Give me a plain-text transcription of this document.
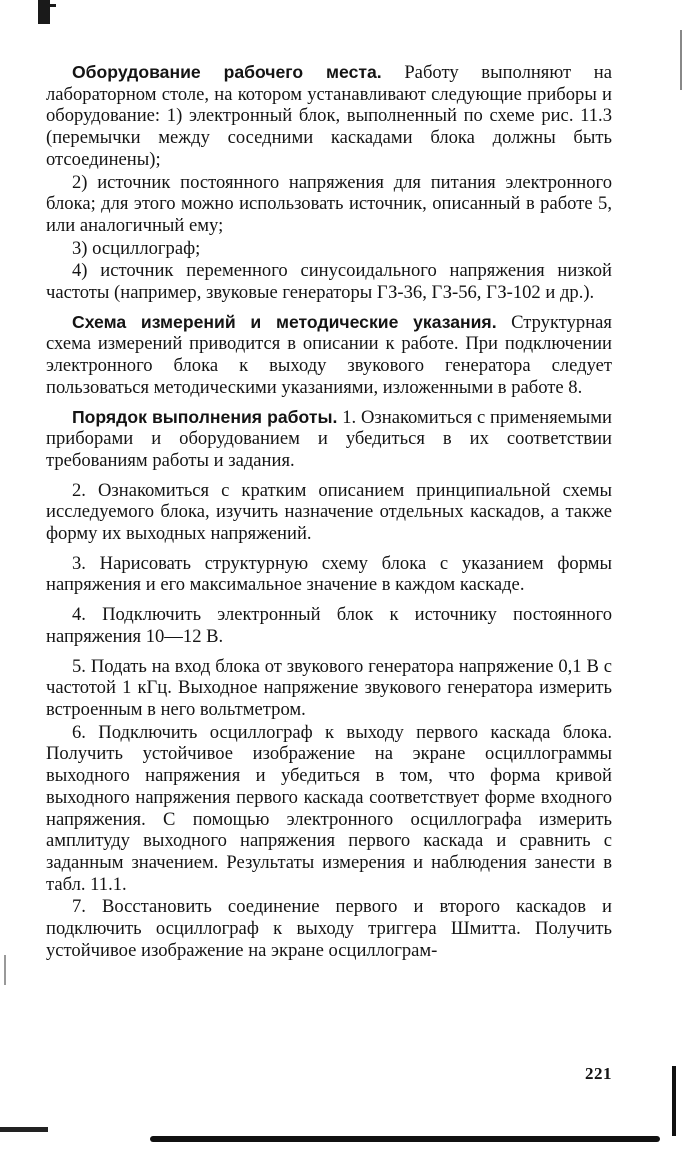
Оборудование рабочего места. Работу выполняют на лабораторном столе, на котором устанавливают следующие приборы и оборудование: 1) электронный блок, выполненный по схеме рис. 11.3 (перемычки между соседними каскадами блока должны быть отсоединены);

2) источник постоянного напряжения для питания электронного блока; для этого можно использовать источник, описанный в работе 5, или аналогичный ему;

3) осциллограф;

4) источник переменного синусоидального напряжения низкой частоты (например, звуковые генераторы ГЗ-36, ГЗ-56, ГЗ-102 и др.).

Схема измерений и методические указания. Структурная схема измерений приводится в описании к работе. При подключении электронного блока к выходу звукового генератора следует пользоваться методическими указаниями, изложенными в работе 8.

Порядок выполнения работы. 1. Ознакомиться с применяемыми приборами и оборудованием и убедиться в их соответствии требованиям работы и задания.

2. Ознакомиться с кратким описанием принципиальной схемы исследуемого блока, изучить назначение отдельных каскадов, а также форму их выходных напряжений.

3. Нарисовать структурную схему блока с указанием формы напряжения и его максимальное значение в каждом каскаде.

4. Подключить электронный блок к источнику постоянного напряжения 10—12 В.

5. Подать на вход блока от звукового генератора напряжение 0,1 В с частотой 1 кГц. Выходное напряжение звукового генератора измерить встроенным в него вольтметром.

6. Подключить осциллограф к выходу первого каскада блока. Получить устойчивое изображение на экране осциллограммы выходного напряжения и убедиться в том, что форма кривой выходного напряжения первого каскада соответствует форме входного напряжения. С помощью электронного осциллографа измерить амплитуду выходного напряжения первого каскада и сравнить с заданным значением. Результаты измерения и наблюдения занести в табл. 11.1.

7. Восстановить соединение первого и второго каскадов и подключить осциллограф к выходу триггера Шмитта. Получить устойчивое изображение на экране осциллограм-

221
